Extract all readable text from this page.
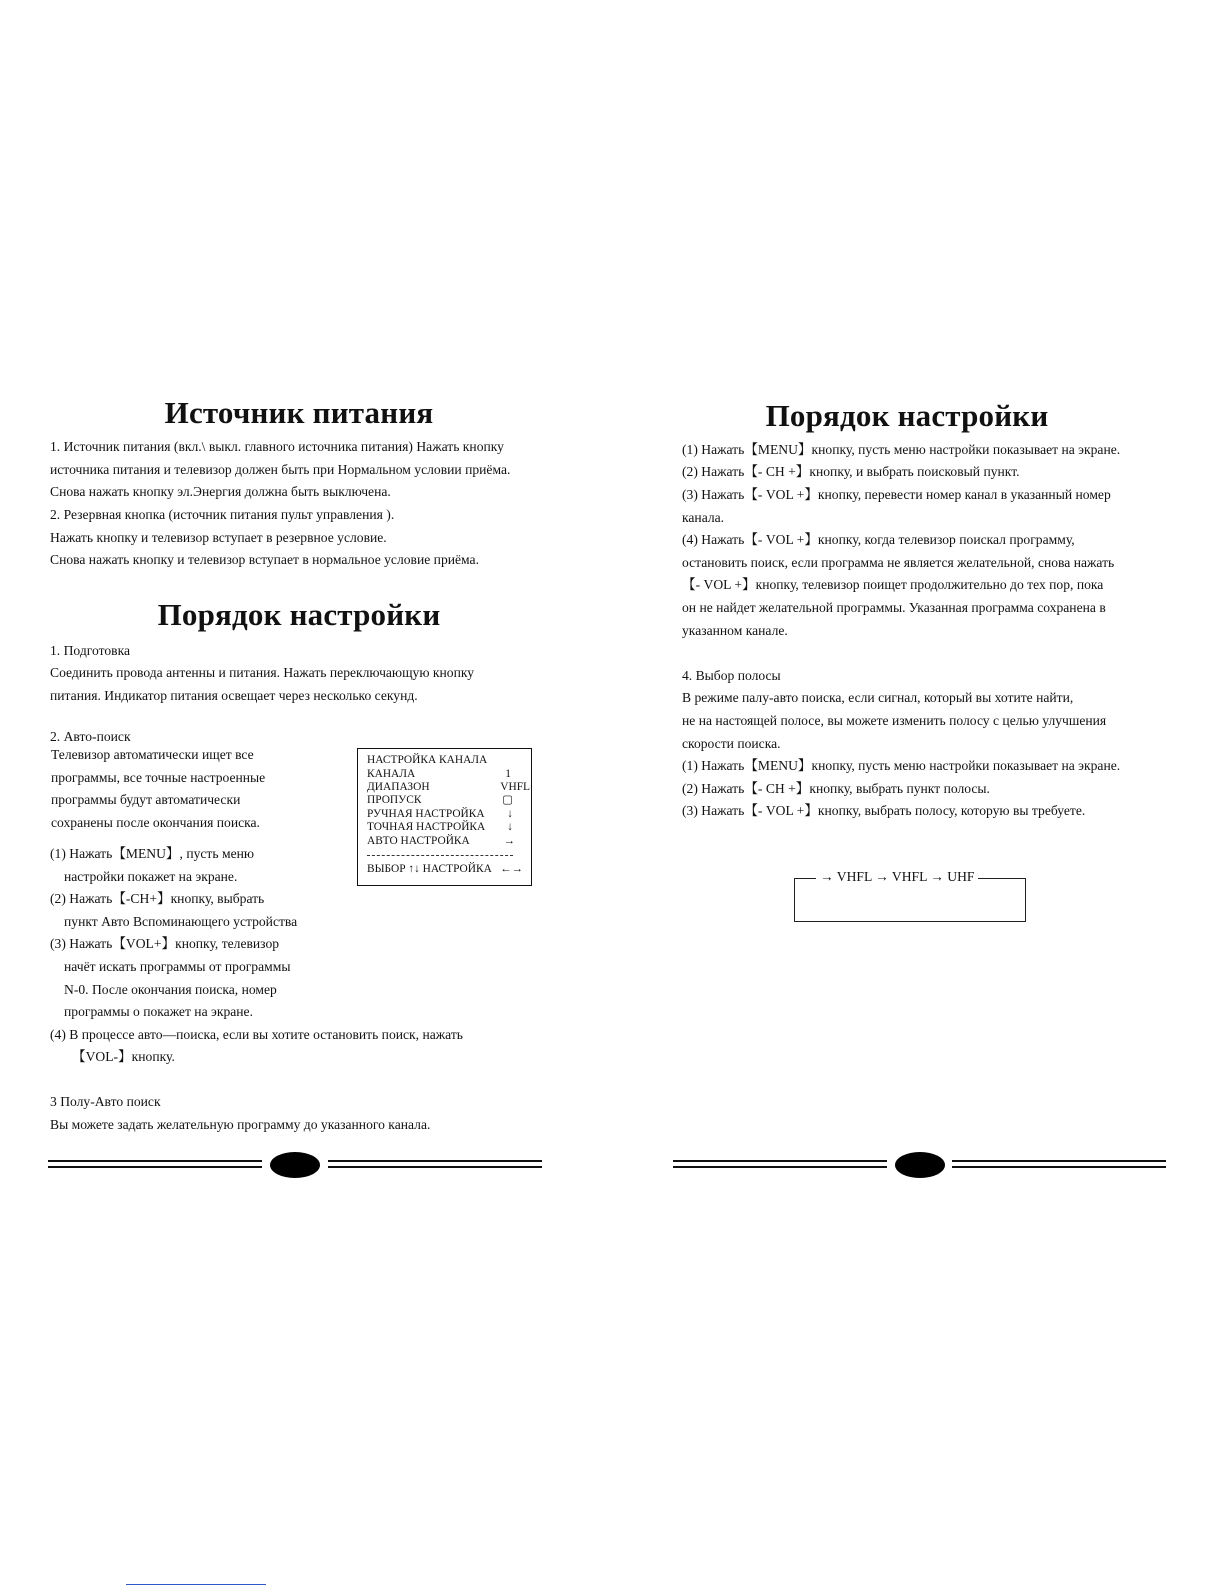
Источник питания

1. Источник питания (вкл.\ выкл. главного источника питания) Нажать кнопку

источника питания и телевизор должен быть при Нормальном условии приёма.

Снова нажать кнопку эл.Энергия должна быть выключена.

2. Резервная кнопка (источник питания пульт управления ).

Нажать кнопку и телевизор вступает в резервное условие.

Снова нажать кнопку и телевизор вступает в нормальное условие приёма.

Порядок настройки

1. Подготовка

Соединить провода антенны и питания. Нажать переключающую кнопку

питания. Индикатор питания освещает через несколько секунд.

2. Авто-поиск

Телевизор автоматически ищет все

программы, все точные настроенные

программы будут автоматически

сохранены после окончания поиска.

(1) Нажать【MENU】, пусть меню

настройки покажет на экране.

(2) Нажать【-CH+】кнопку, выбрать

пункт Авто Вспоминающего устройства

(3) Нажать【VOL+】кнопку, телевизор

начёт искать программы от программы

N-0. После окончания поиска, номер

программы о покажет на экране.

(4) В процессе авто—поиска, если вы хотите остановить поиск, нажать

【VOL-】кнопку.

3 Полу-Авто поиск

Вы можете задать желательную программу до указанного канала.

НАСТРОЙКА КАНАЛА
КАНАЛА	1
ДИАПАЗОН	VHFL
ПРОПУСК	▢
РУЧНАЯ НАСТРОЙКА ↓
ТОЧНАЯ НАСТРОЙКА ↓
АВТО НАСТРОЙКА	→
ВЫБОР ↑↓ НАСТРОЙКА ←→
Порядок настройки

(1) Нажать【MENU】кнопку, пусть меню настройки показывает на экране.

(2) Нажать【- CH +】кнопку, и выбрать поисковый пункт.

(3) Нажать【- VOL +】кнопку, перевести номер канал в указанный номер

канала.

(4) Нажать【- VOL +】кнопку, когда телевизор поискал программу,

остановить поиск, если программа не является желательной, снова нажать

【- VOL +】кнопку, телевизор поищет продолжительно до тех пор, пока

он не найдет желательной программы. Указанная программа сохранена в

указанном канале.

4. Выбор полосы

В режиме палу-авто поиска, если сигнал, который вы хотите найти,

не на настоящей полосе, вы можете изменить полосу с целью улучшения

скорости поиска.

(1) Нажать【MENU】кнопку, пусть меню настройки показывает на экране.

(2) Нажать【- CH +】кнопку, выбрать пункт полосы.

(3) Нажать【- VOL +】кнопку, выбрать полосу, которую вы требуете.

→ VHFL → VHFL → UHF
